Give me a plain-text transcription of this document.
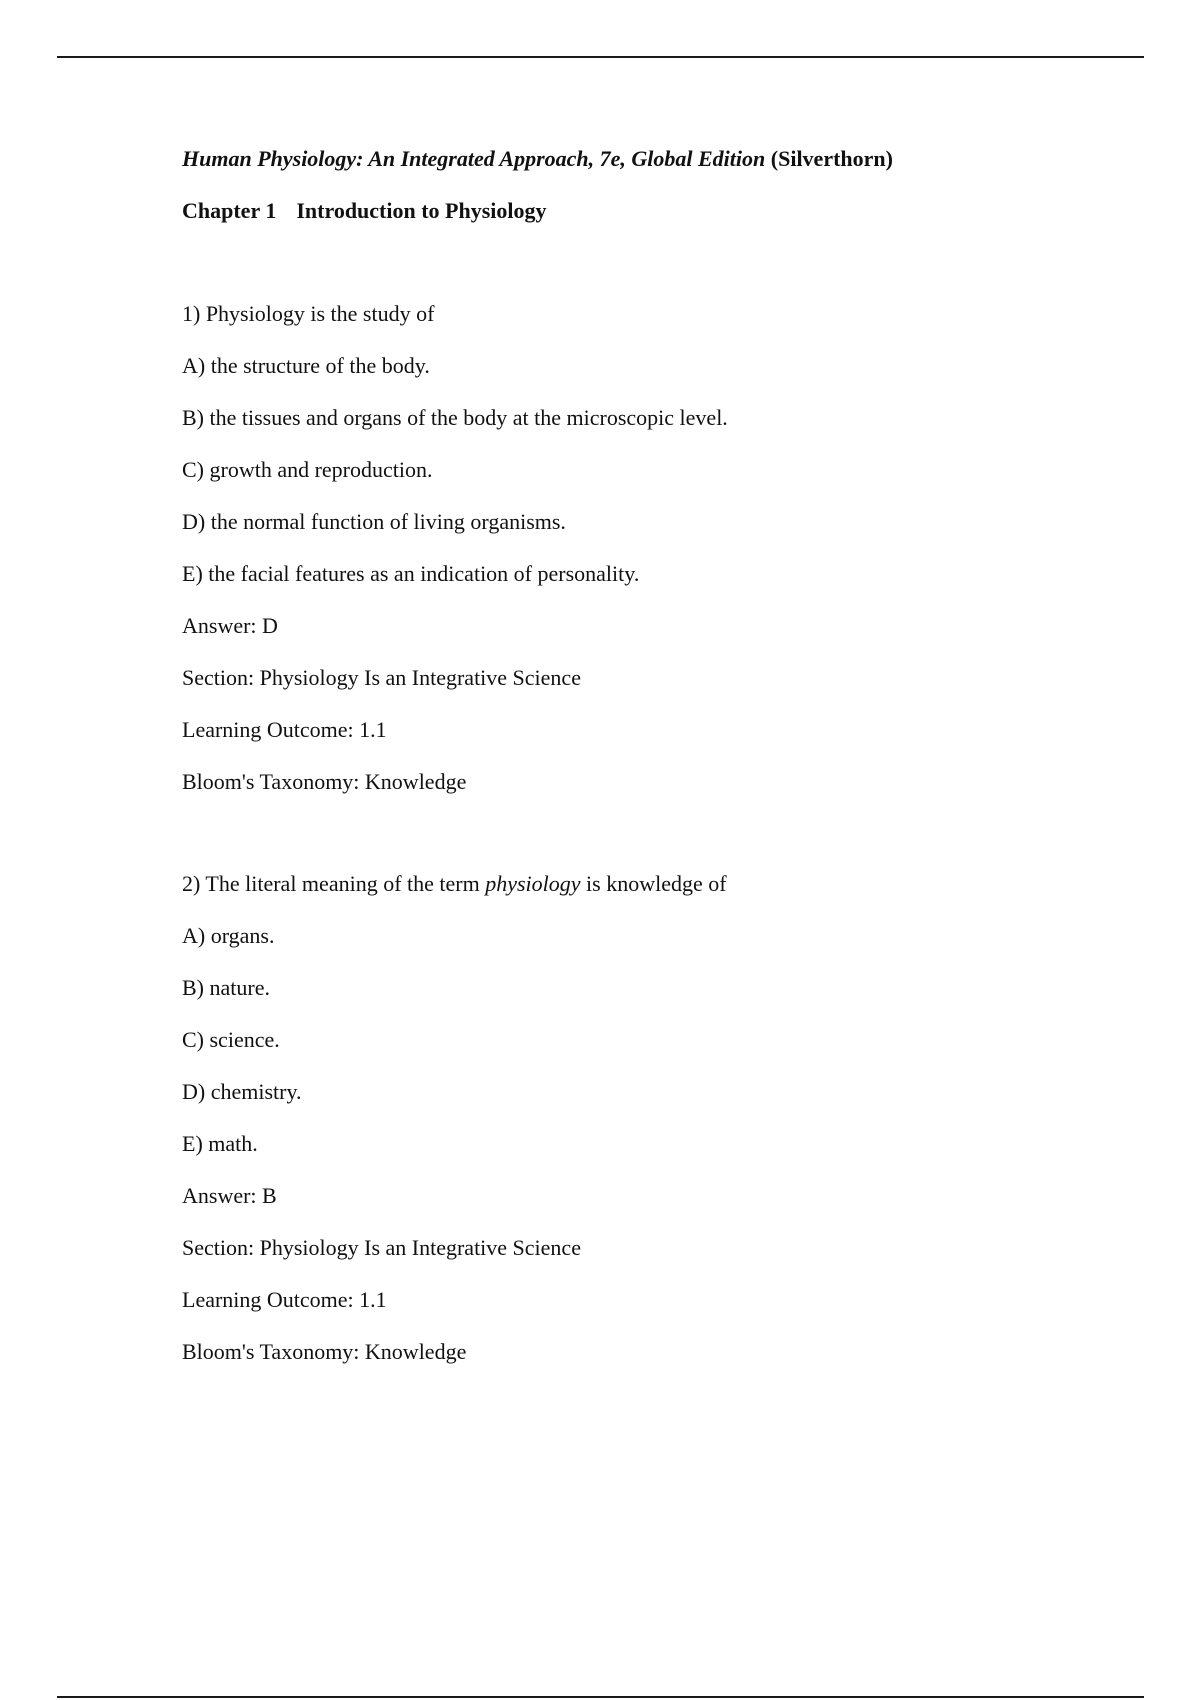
Human Physiology: An Integrated Approach, 7e, Global Edition (Silverthorn)

Chapter 1 Introduction to Physiology

1) Physiology is the study of

A) the structure of the body.

B) the tissues and organs of the body at the microscopic level.

C) growth and reproduction.

D) the normal function of living organisms.

E) the facial features as an indication of personality.

Answer: D

Section: Physiology Is an Integrative Science

Learning Outcome: 1.1

Bloom's Taxonomy: Knowledge

2) The literal meaning of the term physiology is knowledge of

A) organs.

B) nature.

C) science.

D) chemistry.

E) math.

Answer: B

Section: Physiology Is an Integrative Science

Learning Outcome: 1.1

Bloom's Taxonomy: Knowledge
